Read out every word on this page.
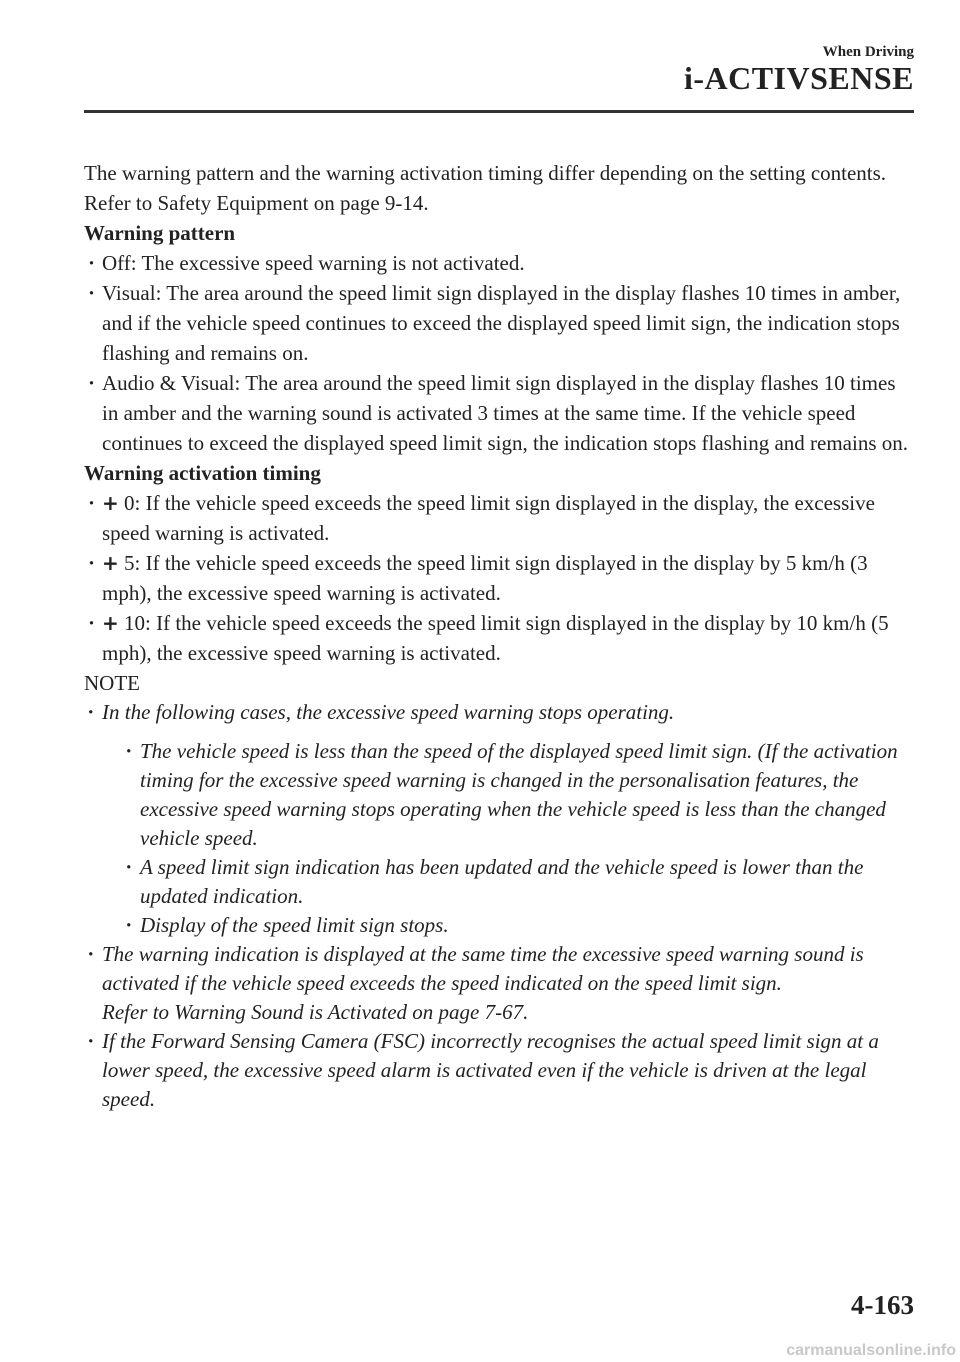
When Driving
i-ACTIVSENSE

The warning pattern and the warning activation timing differ depending on the setting contents.

Refer to Safety Equipment on page 9-14.

Warning pattern

· Off: The excessive speed warning is not activated.
· Visual: The area around the speed limit sign displayed in the display flashes 10 times in amber, and if the vehicle speed continues to exceed the displayed speed limit sign, the indication stops flashing and remains on.
· Audio & Visual: The area around the speed limit sign displayed in the display flashes 10 times in amber and the warning sound is activated 3 times at the same time. If the vehicle speed continues to exceed the displayed speed limit sign, the indication stops flashing and remains on.

Warning activation timing

· + 0: If the vehicle speed exceeds the speed limit sign displayed in the display, the excessive speed warning is activated.
· + 5: If the vehicle speed exceeds the speed limit sign displayed in the display by 5 km/h (3 mph), the excessive speed warning is activated.
· + 10: If the vehicle speed exceeds the speed limit sign displayed in the display by 10 km/h (5 mph), the excessive speed warning is activated.

NOTE

· In the following cases, the excessive speed warning stops operating.
· The vehicle speed is less than the speed of the displayed speed limit sign. (If the activation timing for the excessive speed warning is changed in the personalisation features, the excessive speed warning stops operating when the vehicle speed is less than the changed vehicle speed.
· A speed limit sign indication has been updated and the vehicle speed is lower than the updated indication.
· Display of the speed limit sign stops.
· The warning indication is displayed at the same time the excessive speed warning sound is activated if the vehicle speed exceeds the speed indicated on the speed limit sign.
Refer to Warning Sound is Activated on page 7-67.
· If the Forward Sensing Camera (FSC) incorrectly recognises the actual speed limit sign at a lower speed, the excessive speed alarm is activated even if the vehicle is driven at the legal speed.
4-163
carmanualsonline.info
